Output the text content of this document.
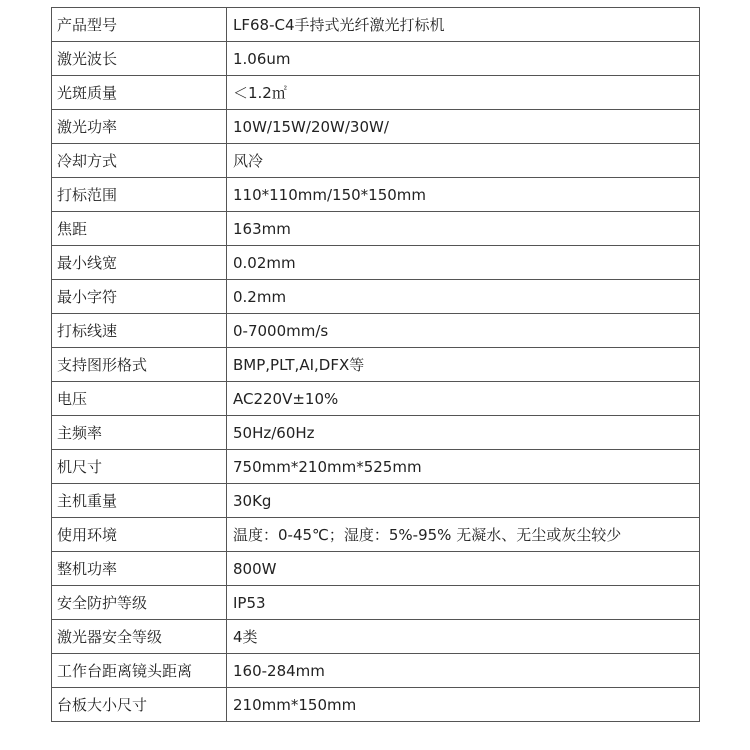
产品型号	LF68-C4手持式光纤激光打标机
激光波长	1.06um
光斑质量	＜1.2㎡
激光功率	10W/15W/20W/30W/
冷却方式	风冷
打标范围	110*110mm/150*150mm
焦距	163mm
最小线宽	0.02mm
最小字符	0.2mm
打标线速	0-7000mm/s
支持图形格式	BMP,PLT,AI,DFX等
电压	AC220V±10%
主频率	50Hz/60Hz
机尺寸	750mm*210mm*525mm
主机重量	30Kg
使用环境	温度：0-45℃；湿度：5%-95% 无凝水、无尘或灰尘较少
整机功率	800W
安全防护等级	IP53
激光器安全等级	4类
工作台距离镜头距离	160-284mm
台板大小尺寸	210mm*150mm
